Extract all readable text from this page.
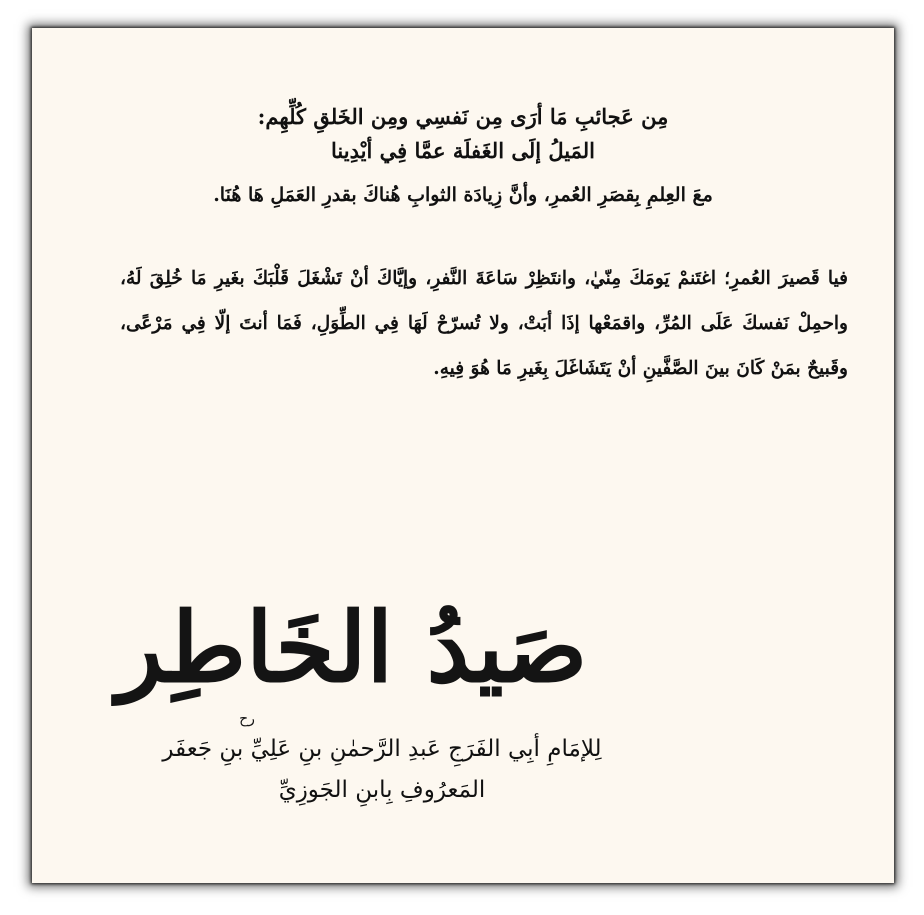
مِن عَجائبِ مَا أرَى مِن نَفسِي ومِن الخَلقِ كُلِّهِم:

المَيلُ إلَى الغَفلَة عمَّا فِي أيْدِينا

معَ العِلمِ بِقصَرِ العُمرِ، وأنَّ زِيادَة الثوابِ هُناكَ بقدرِ العَمَلِ هَا هُنَا.

فيا قَصيرَ العُمرِ؛ اغتَنمْ يَومَكَ مِنّيٰ، وانتَظِرْ سَاعَةَ النَّفرِ، وإيَّاكَ أنْ تَشْغَلَ قَلْبَكَ بغَيرِ مَا خُلِقَ لَهُ، واحمِلْ نَفسكَ عَلَى المُرِّ، واقمَعْها إذَا أبَتْ، ولا تُسرّحْ لَهَا فِي الطِّوَلِ، فَمَا أنتَ إلّا فِي مَرْعًى، وقَبيحٌ بمَنْ كَانَ بينَ الصَّفَّينِ أنْ يَتَشَاغَلَ بِغَيرِ مَا هُوَ فِيهِ.

صَيدُ الخَاطِر
رح

لِلإمَامِ أبِي الفَرَجِ عَبدِ الرَّحمٰنِ بنِ عَلِيِّ بنِ جَعفَر

المَعرُوفِ بِابنِ الجَوزِيِّ
